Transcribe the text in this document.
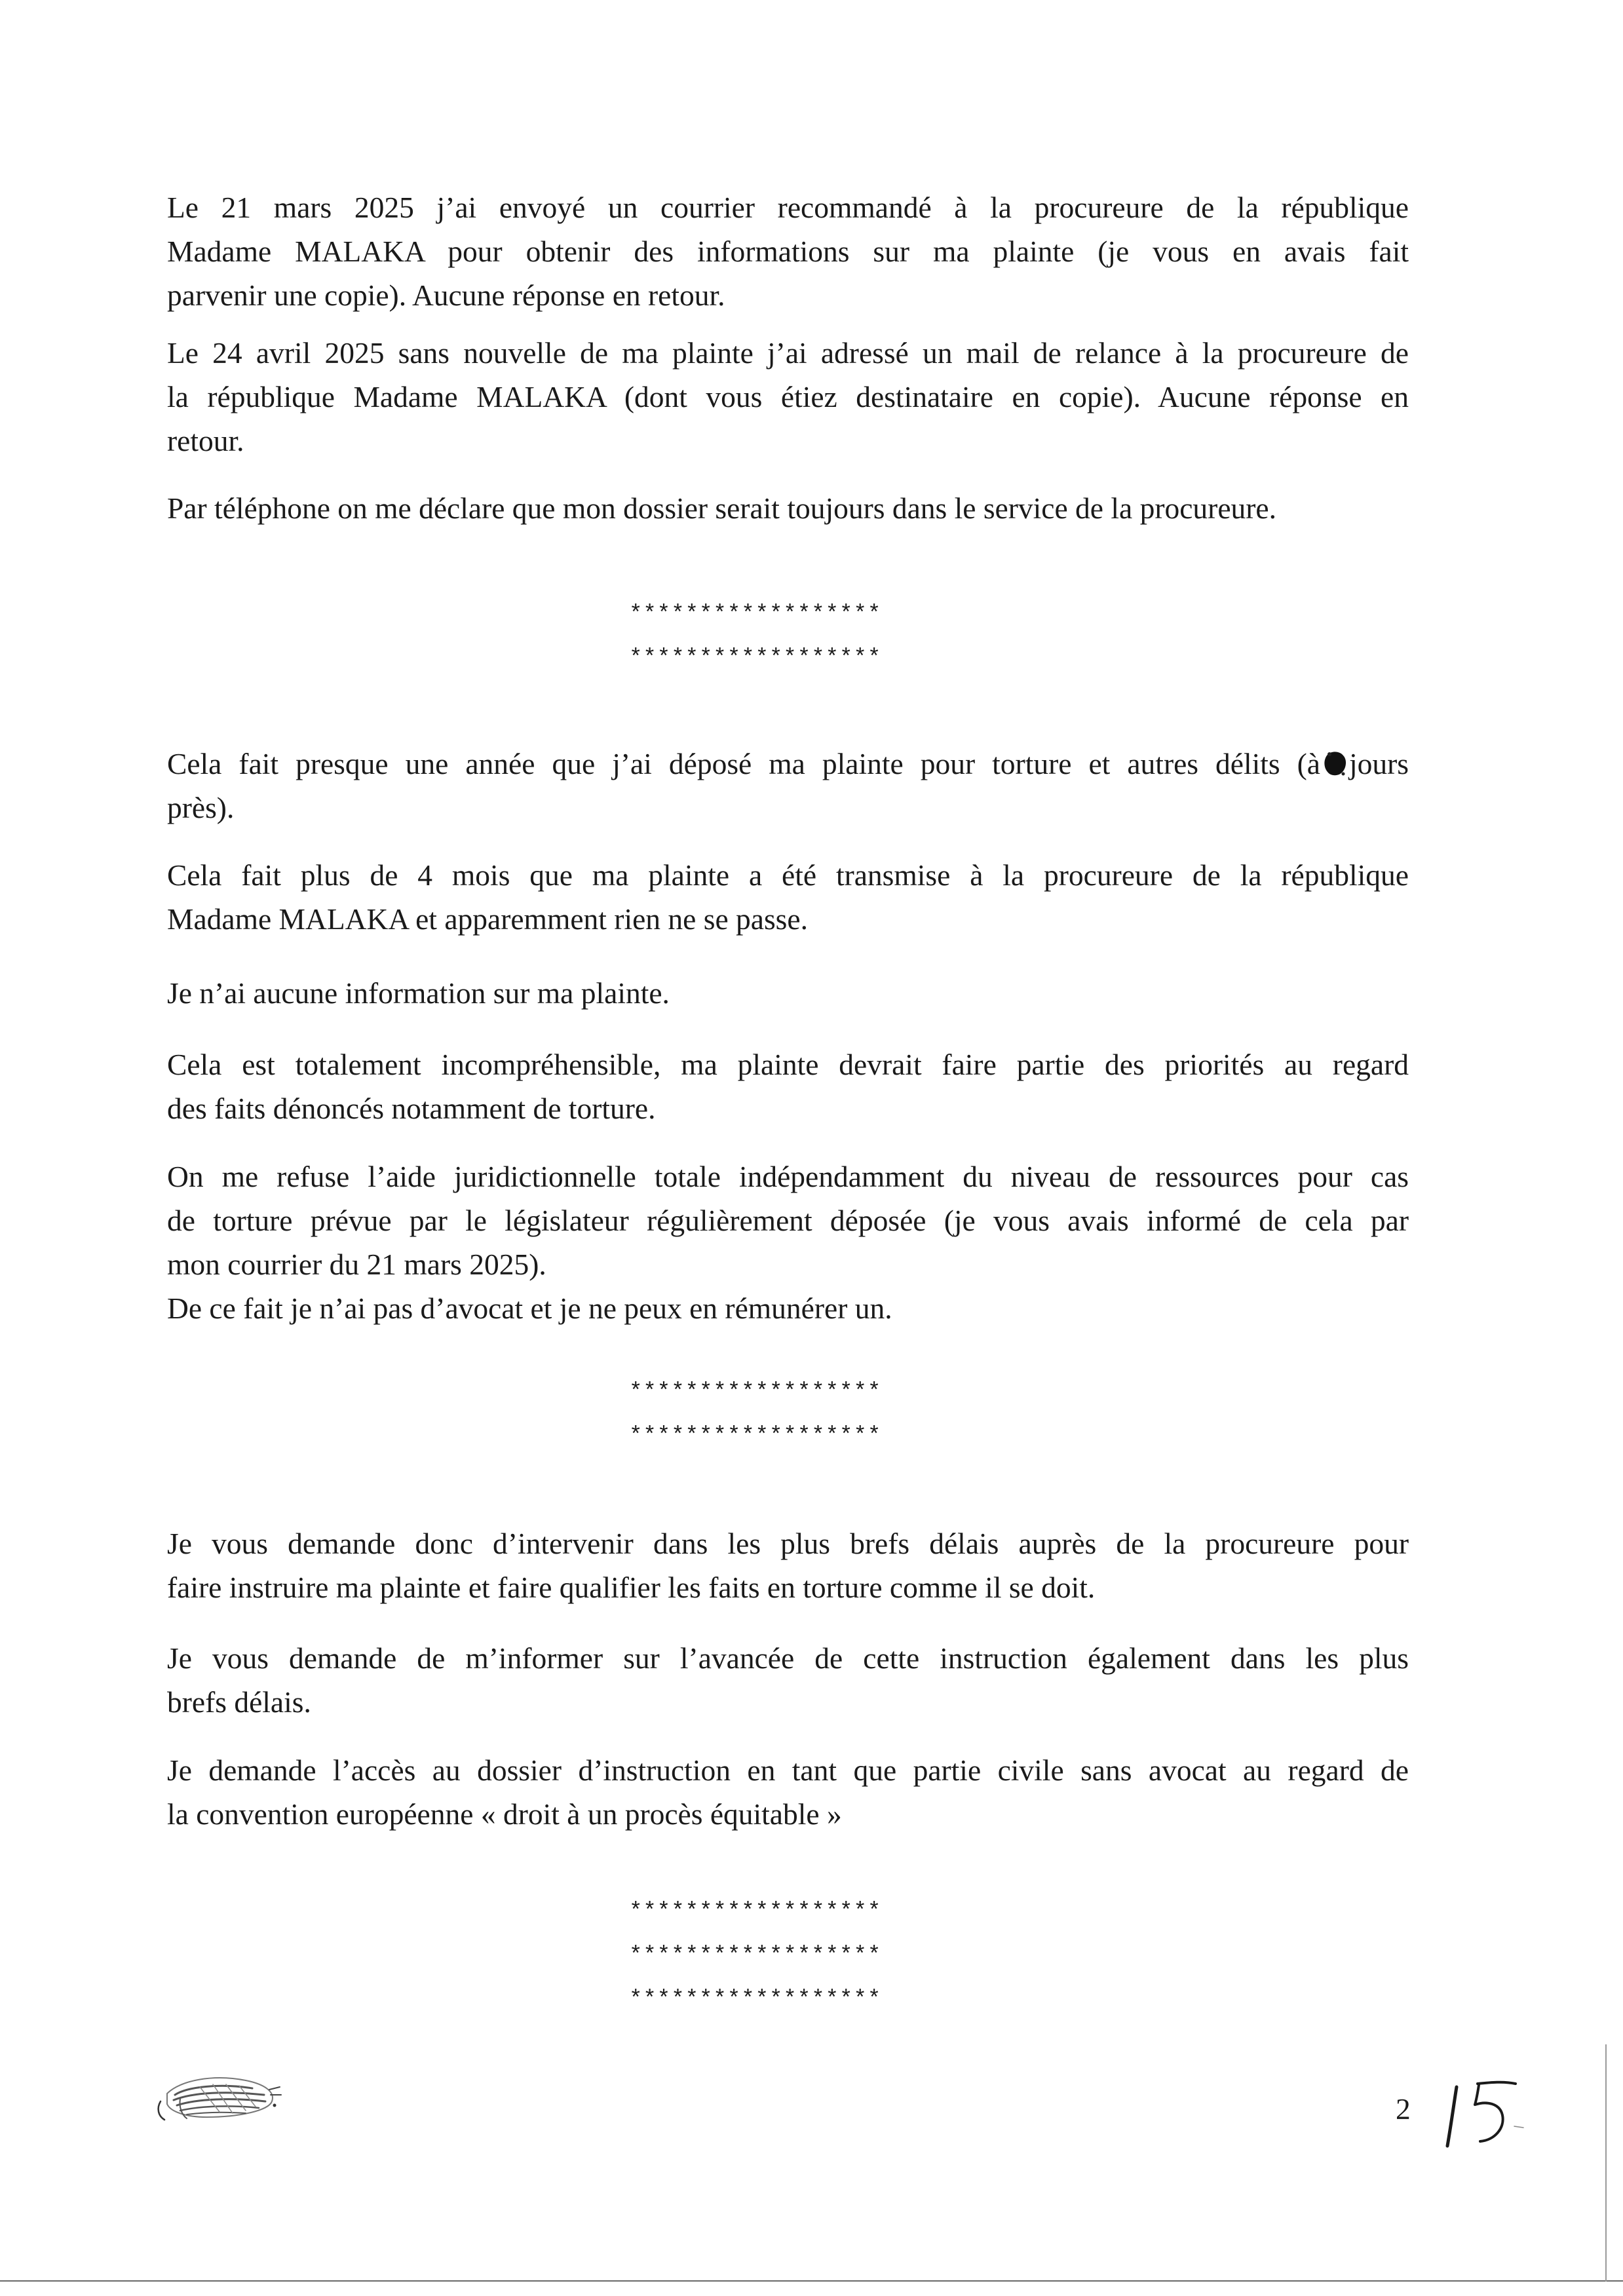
Le 21 mars 2025 j’ai envoyé un courrier recommandé à la procureure de la république
Madame MALAKA pour obtenir des informations sur ma plainte (je vous en avais fait
parvenir une copie). Aucune réponse en retour.
Le 24 avril 2025 sans nouvelle de ma plainte j’ai adressé un mail de relance à la procureure de
la république Madame MALAKA (dont vous étiez destinataire en copie). Aucune réponse en
retour.
Par téléphone on me déclare que mon dossier serait toujours dans le service de la procureure.
******************
******************
Cela fait presque une année que j’ai déposé ma plainte pour torture et autres délits (à jours
près).
Cela fait plus de 4 mois que ma plainte a été transmise à la procureure de la république
Madame MALAKA et apparemment rien ne se passe.
Je n’ai aucune information sur ma plainte.
Cela est totalement incompréhensible, ma plainte devrait faire partie des priorités au regard
des faits dénoncés notamment de torture.
On me refuse l’aide juridictionnelle totale indépendamment du niveau de ressources pour cas
de torture prévue par le législateur régulièrement déposée (je vous avais informé de cela par
mon courrier du 21 mars 2025).
De ce fait je n’ai pas d’avocat et je ne peux en rémunérer un.
******************
******************
Je vous demande donc d’intervenir dans les plus brefs délais auprès de la procureure pour
faire instruire ma plainte et faire qualifier les faits en torture comme il se doit.
Je vous demande de m’informer sur l’avancée de cette instruction également dans les plus
brefs délais.
Je demande l’accès au dossier d’instruction en tant que partie civile sans avocat au regard de
la convention européenne « droit à un procès équitable »
******************
******************
******************
2
